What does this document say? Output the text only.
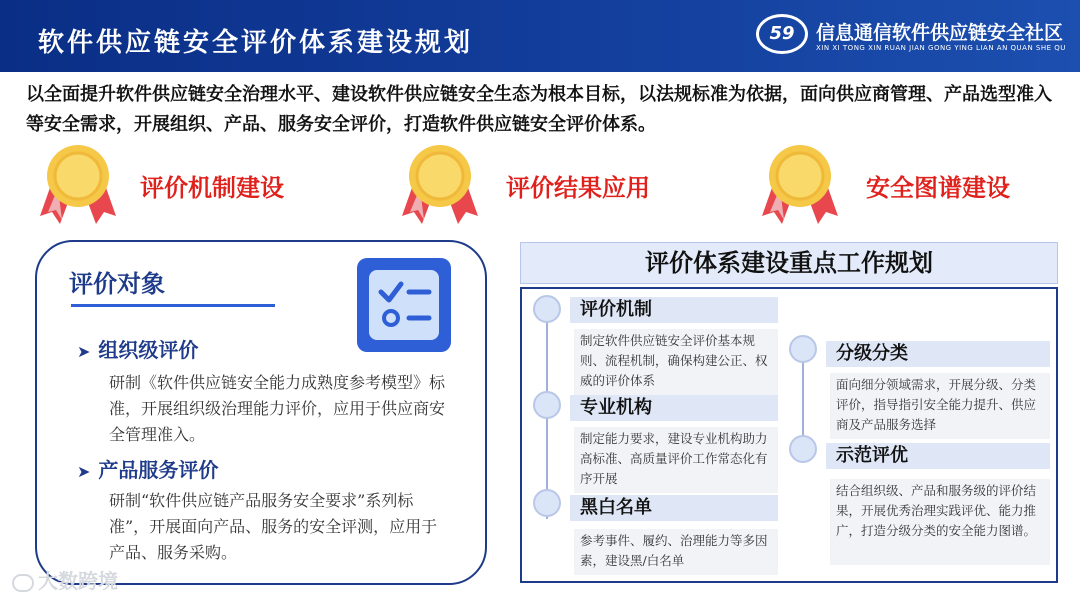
软件供应链安全评价体系建设规划	59	信息通信软件供应链安全社区
XIN XI TONG XIN RUAN JIAN GONG YING LIAN AN QUAN SHE QU
以全面提升软件供应链安全治理水平、建设软件供应链安全生态为根本目标，以法规标准为依据，面向供应商管理、产品选型准入等安全需求，开展组织、产品、服务安全评价，打造软件供应链安全评价体系。
评价机制建设	评价结果应用	安全图谱建设
评价对象
➤ 组织级评价
研制《软件供应链安全能力成熟度参考模型》标准，开展组织级治理能力评价，应用于供应商安全管理准入。
➤ 产品服务评价
研制“软件供应链产品服务安全要求”系列标准”，开展面向产品、服务的安全评测，应用于产品、服务采购。
评价体系建设重点工作规划
评价机制
制定软件供应链安全评价基本规则、流程机制，确保构建公正、权威的评价体系
专业机构
制定能力要求，建设专业机构助力高标准、高质量评价工作常态化有序开展
黑白名单
参考事件、履约、治理能力等多因素，建设黑/白名单
分级分类
面向细分领域需求，开展分级、分类评价，指导指引安全能力提升、供应商及产品服务选择
示范评优
结合组织级、产品和服务级的评价结果，开展优秀治理实践评优、能力推广，打造分级分类的安全能力图谱。
大数跨境
